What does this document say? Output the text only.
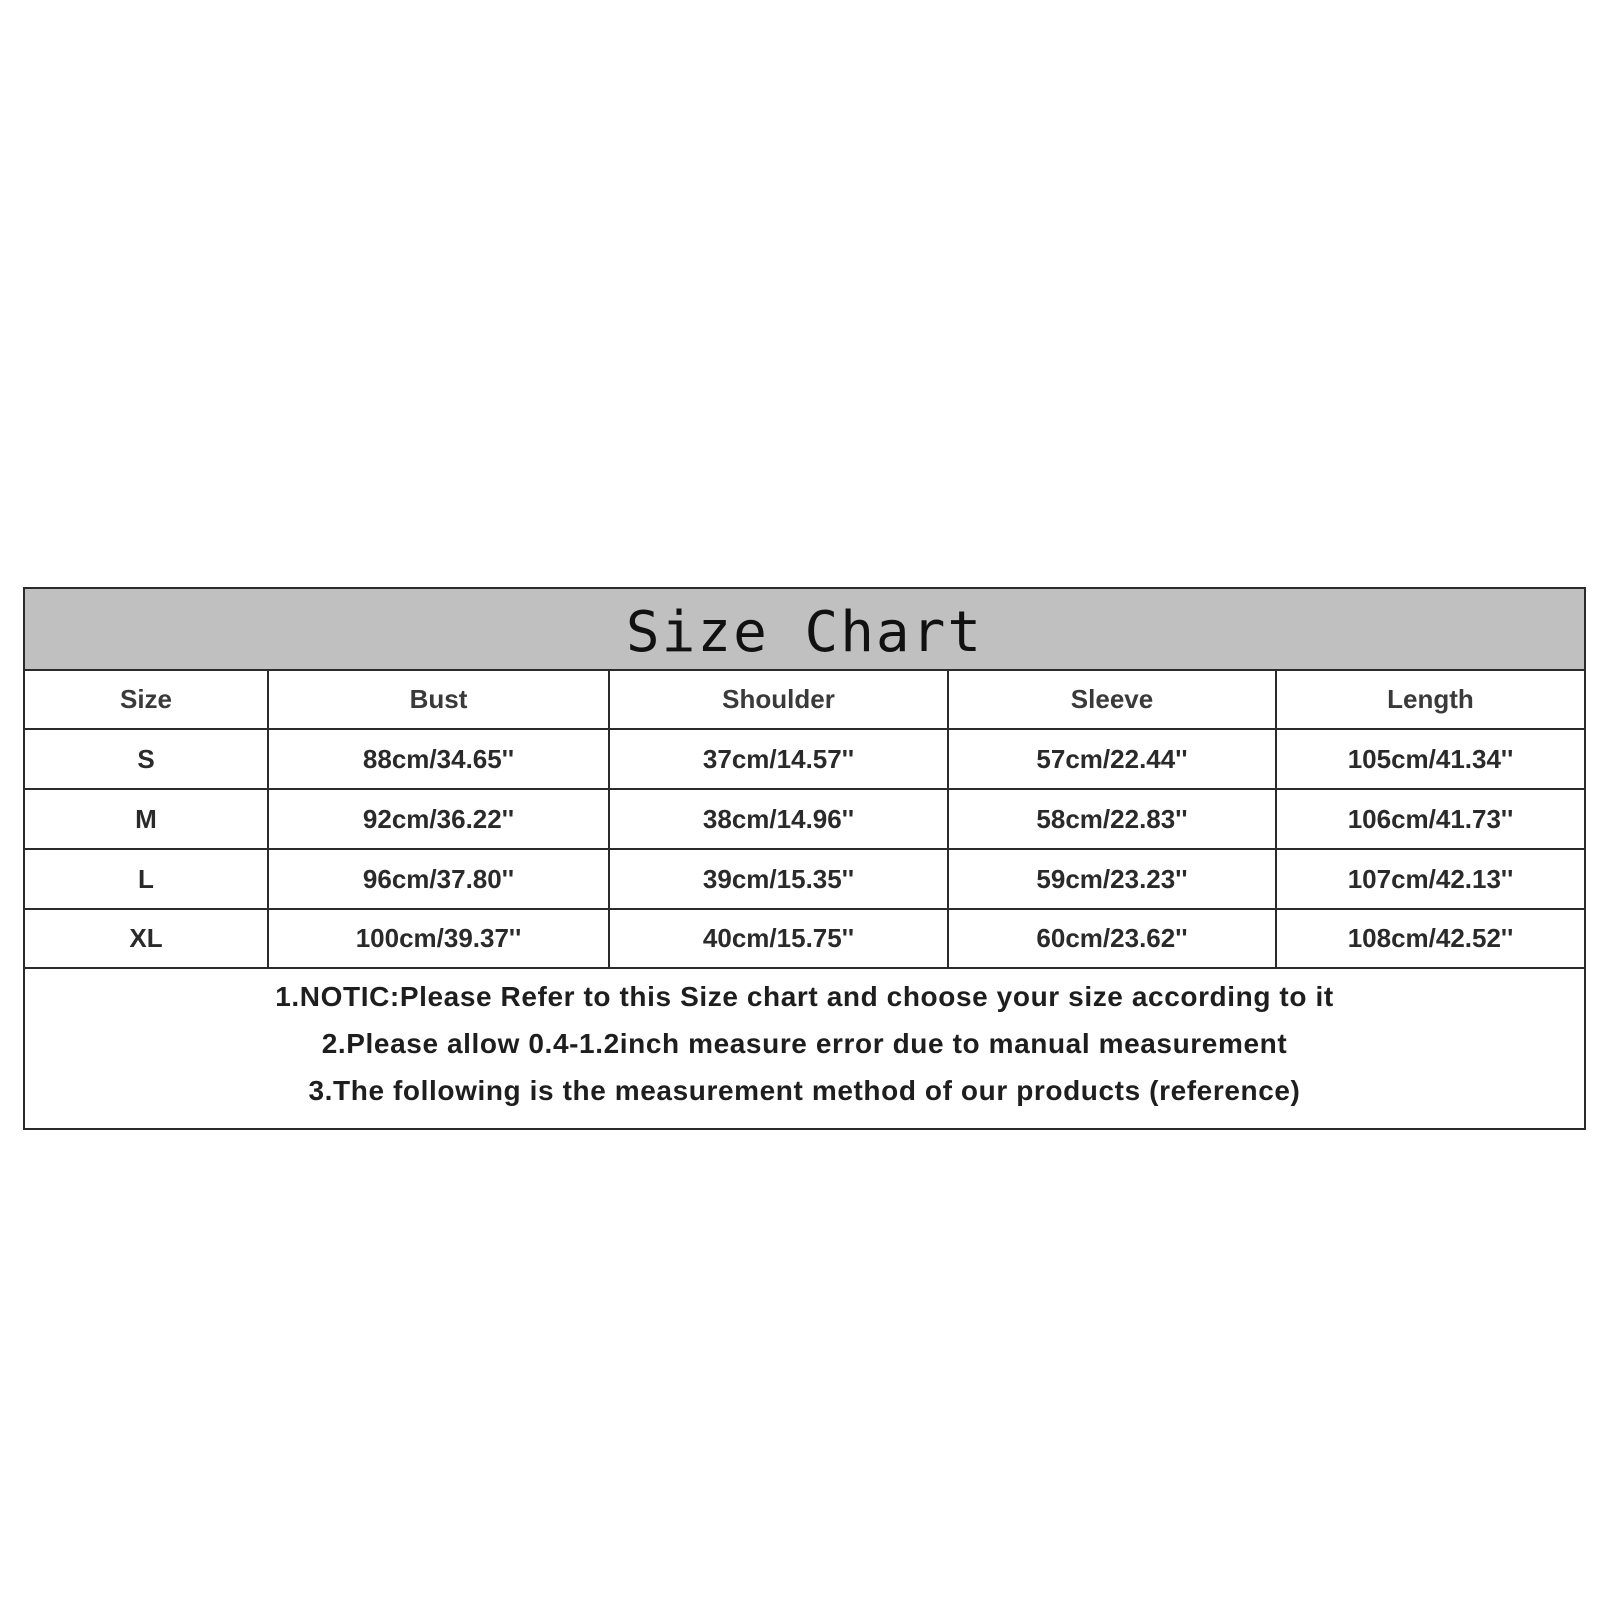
Size Chart
Size	Bust	Shoulder	Sleeve	Length
S	88cm/34.65''	37cm/14.57''	57cm/22.44''	105cm/41.34''
M	92cm/36.22''	38cm/14.96''	58cm/22.83''	106cm/41.73''
L	96cm/37.80''	39cm/15.35''	59cm/23.23''	107cm/42.13''
XL	100cm/39.37''	40cm/15.75''	60cm/23.62''	108cm/42.52''
1.NOTIC:Please Refer to this Size chart and choose your size according to it
2.Please allow 0.4-1.2inch measure error due to manual measurement
3.The following is the measurement method of our products (reference)
